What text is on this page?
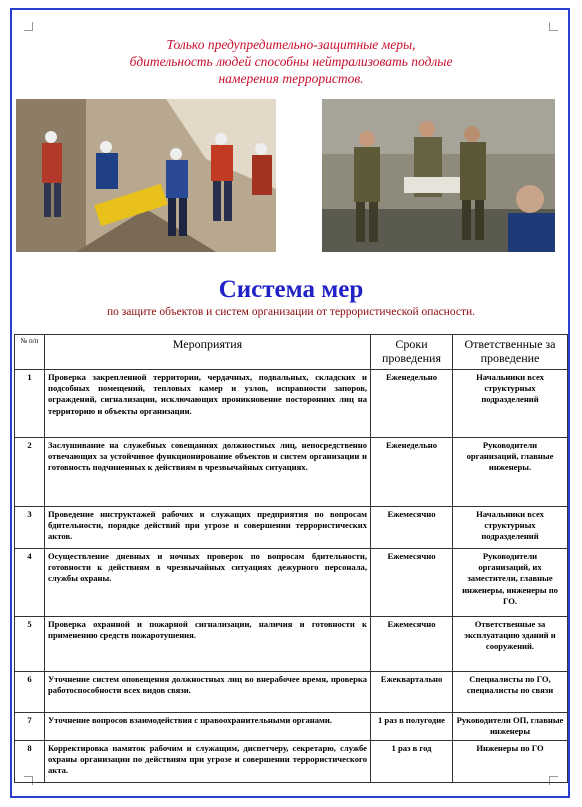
Только предупредительно-защитные меры,
бдительность людей способны нейтрализовать подлые
намерения террористов.
Система мер
по защите объектов и систем организации от террористической опасности.
№ п/п	Мероприятия	Сроки проведения	Ответственные за проведение
1	Проверка закрепленной территории, чердачных, подвальных, складских и подсобных помещений, тепловых камер и узлов, исправности запоров, ограждений, сигнализации, исключающих проникновение посторонних лиц на территорию и объекты организации.	Еженедельно	Начальники всех структурных подразделений
2	Заслушивание на служебных совещаниях должностных лиц, непосредственно отвечающих за устойчивое функционирование объектов и систем организации и готовность подчиненных к действиям в чрезвычайных ситуациях.	Еженедельно	Руководители организаций, главные инженеры.
3	Проведение инструктажей рабочих и служащих предприятия по вопросам бдительности, порядке действий при угрозе и совершении террористических актов.	Ежемесячно	Начальники всех структурных подразделений
4	Осуществление дневных и ночных проверок по вопросам бдительности, готовности к действиям в чрезвычайных ситуациях дежурного персонала, службы охраны.	Ежемесячно	Руководители организаций, их заместители, главные инженеры, инженеры по ГО.
5	Проверка охранной и пожарной сигнализации, наличия и готовности к применению средств пожаротушения.	Ежемесячно	Ответственные за эксплуатацию зданий и сооружений.
6	Уточнение систем оповещения должностных лиц во внерабочее время, проверка работоспособности всех видов связи.	Ежеквартально	Специалисты по ГО, специалисты по связи
7	Уточнение вопросов взаимодействия с правоохранительными органами.	1 раз в полугодие	Руководители ОП, главные инженеры
8	Корректировка памяток рабочим и служащим, диспетчеру, секретарю, службе охраны организации по действиям при угрозе и совершении террористического акта.	1 раз в год	Инженеры по ГО
